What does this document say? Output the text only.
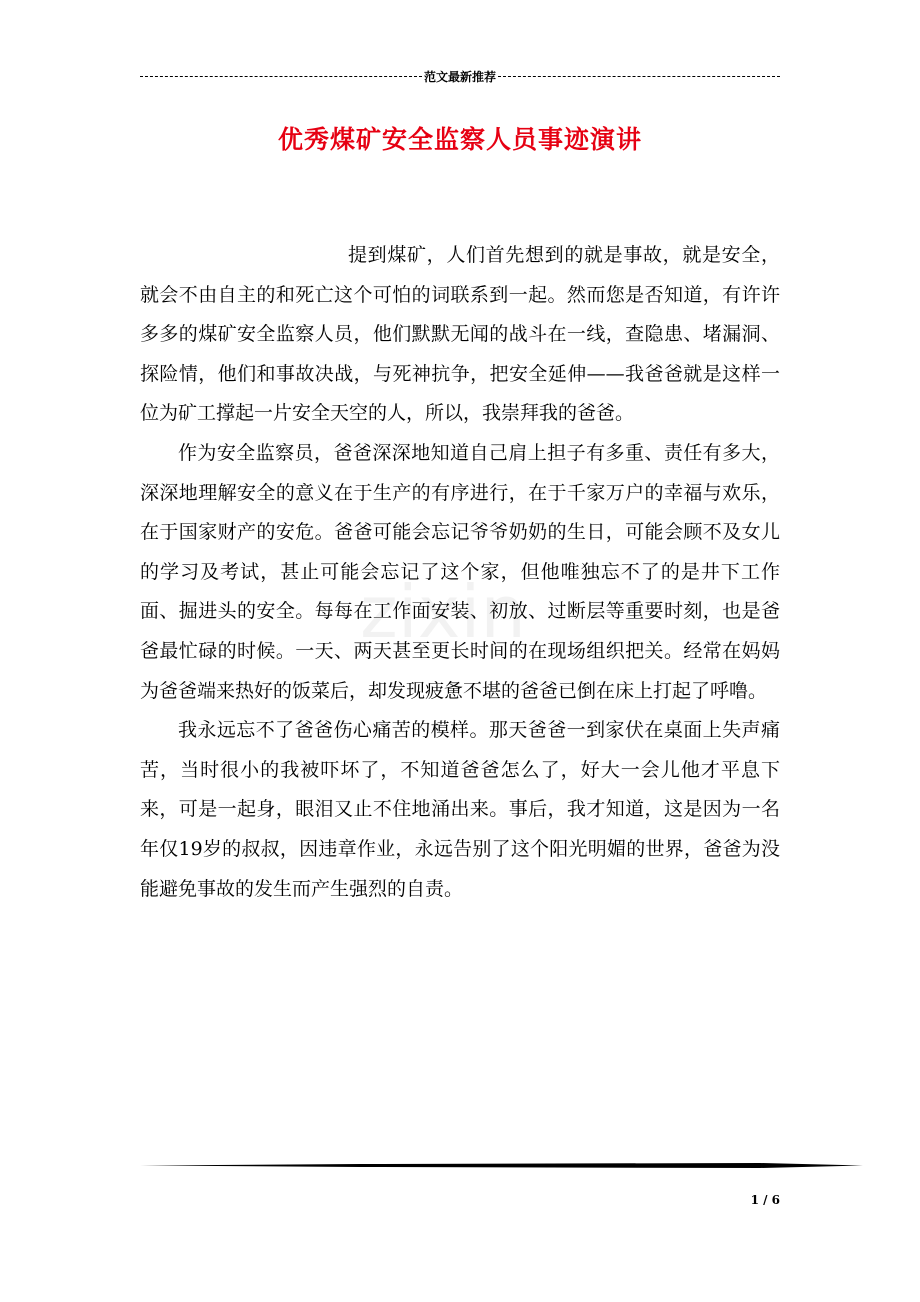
范文最新推荐
优秀煤矿安全监察人员事迹演讲
zixin

提到煤矿，人们首先想到的就是事故，就是安全，就会不由自主的和死亡这个可怕的词联系到一起。然而您是否知道，有许许多多的煤矿安全监察人员，他们默默无闻的战斗在一线，查隐患、堵漏洞、探险情，他们和事故决战，与死神抗争，把安全延伸——我爸爸就是这样一位为矿工撑起一片安全天空的人，所以，我崇拜我的爸爸。

作为安全监察员，爸爸深深地知道自己肩上担子有多重、责任有多大，深深地理解安全的意义在于生产的有序进行，在于千家万户的幸福与欢乐，在于国家财产的安危。爸爸可能会忘记爷爷奶奶的生日，可能会顾不及女儿的学习及考试，甚止可能会忘记了这个家，但他唯独忘不了的是井下工作面、掘进头的安全。每每在工作面安装、初放、过断层等重要时刻，也是爸爸最忙碌的时候。一天、两天甚至更长时间的在现场组织把关。经常在妈妈为爸爸端来热好的饭菜后，却发现疲惫不堪的爸爸已倒在床上打起了呼噜。

我永远忘不了爸爸伤心痛苦的模样。那天爸爸一到家伏在桌面上失声痛苦，当时很小的我被吓坏了，不知道爸爸怎么了，好大一会儿他才平息下来，可是一起身，眼泪又止不住地涌出来。事后，我才知道，这是因为一名年仅19岁的叔叔，因违章作业，永远告别了这个阳光明媚的世界，爸爸为没能避免事故的发生而产生强烈的自责。

1 / 6
